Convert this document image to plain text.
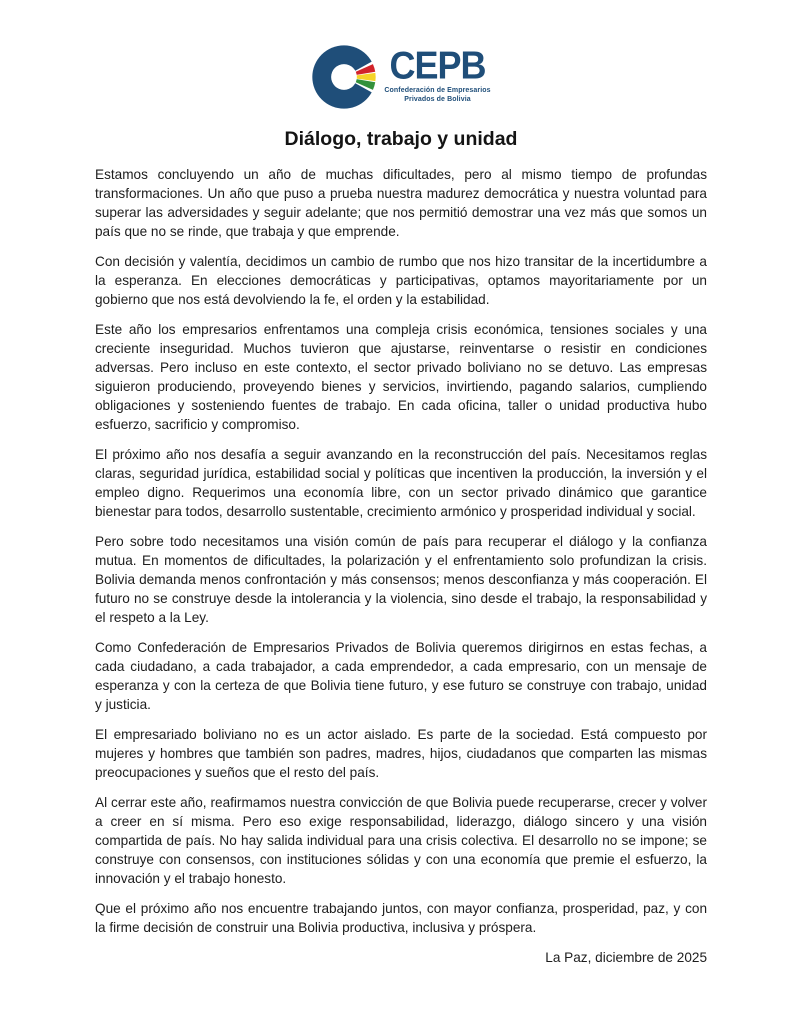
CEPB
Confederación de Empresarios
Privados de Bolivia
Diálogo, trabajo y unidad

Estamos concluyendo un año de muchas dificultades, pero al mismo tiempo de profundas transformaciones. Un año que puso a prueba nuestra madurez democrática y nuestra voluntad para superar las adversidades y seguir adelante; que nos permitió demostrar una vez más que somos un país que no se rinde, que trabaja y que emprende.

Con decisión y valentía, decidimos un cambio de rumbo que nos hizo transitar de la incertidumbre a la esperanza. En elecciones democráticas y participativas, optamos mayoritariamente por un gobierno que nos está devolviendo la fe, el orden y la estabilidad.

Este año los empresarios enfrentamos una compleja crisis económica, tensiones sociales y una creciente inseguridad. Muchos tuvieron que ajustarse, reinventarse o resistir en condiciones adversas. Pero incluso en este contexto, el sector privado boliviano no se detuvo. Las empresas siguieron produciendo, proveyendo bienes y servicios, invirtiendo, pagando salarios, cumpliendo obligaciones y sosteniendo fuentes de trabajo. En cada oficina, taller o unidad productiva hubo esfuerzo, sacrificio y compromiso.

El próximo año nos desafía a seguir avanzando en la reconstrucción del país. Necesitamos reglas claras, seguridad jurídica, estabilidad social y políticas que incentiven la producción, la inversión y el empleo digno. Requerimos una economía libre, con un sector privado dinámico que garantice bienestar para todos, desarrollo sustentable, crecimiento armónico y prosperidad individual y social.

Pero sobre todo necesitamos una visión común de país para recuperar el diálogo y la confianza mutua. En momentos de dificultades, la polarización y el enfrentamiento solo profundizan la crisis. Bolivia demanda menos confrontación y más consensos; menos desconfianza y más cooperación. El futuro no se construye desde la intolerancia y la violencia, sino desde el trabajo, la responsabilidad y el respeto a la Ley.

Como Confederación de Empresarios Privados de Bolivia queremos dirigirnos en estas fechas, a cada ciudadano, a cada trabajador, a cada emprendedor, a cada empresario, con un mensaje de esperanza y con la certeza de que Bolivia tiene futuro, y ese futuro se construye con trabajo, unidad y justicia.

El empresariado boliviano no es un actor aislado. Es parte de la sociedad. Está compuesto por mujeres y hombres que también son padres, madres, hijos, ciudadanos que comparten las mismas preocupaciones y sueños que el resto del país.

Al cerrar este año, reafirmamos nuestra convicción de que Bolivia puede recuperarse, crecer y volver a creer en sí misma. Pero eso exige responsabilidad, liderazgo, diálogo sincero y una visión compartida de país. No hay salida individual para una crisis colectiva. El desarrollo no se impone; se construye con consensos, con instituciones sólidas y con una economía que premie el esfuerzo, la innovación y el trabajo honesto.

Que el próximo año nos encuentre trabajando juntos, con mayor confianza, prosperidad, paz, y con la firme decisión de construir una Bolivia productiva, inclusiva y próspera.

La Paz, diciembre de 2025
